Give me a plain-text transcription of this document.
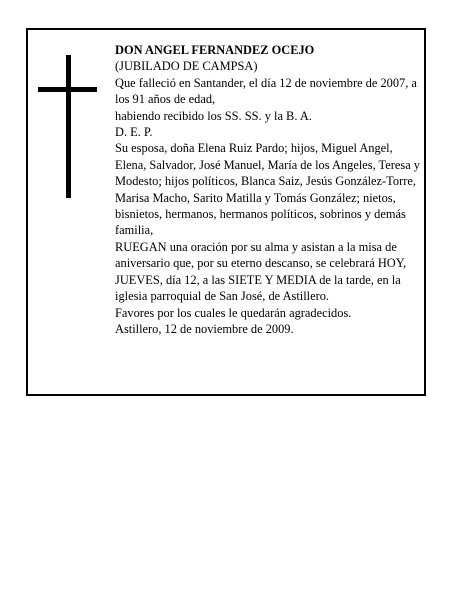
DON ANGEL FERNANDEZ OCEJO

(JUBILADO DE CAMPSA)

Que falleció en Santander, el día 12 de noviembre de 2007, a los 91 años de edad,

habiendo recibido los SS. SS. y la B. A.

D. E. P.

Su esposa, doña Elena Ruiz Pardo; hijos, Miguel Angel, Elena, Salvador, José Manuel, María de los Angeles, Teresa y Modesto; hijos políticos, Blanca Saiz, Jesús González-Torre, Marisa Macho, Sarito Matilla y Tomás González; nietos, bisnietos, hermanos, hermanos políticos, sobrinos y demás familia,

RUEGAN una oración por su alma y asistan a la misa de aniversario que, por su eterno descanso, se celebrará HOY, JUEVES, día 12, a las SIETE Y MEDIA de la tarde, en la iglesia parroquial de San José, de Astillero.

Favores por los cuales le quedarán agradecidos.

Astillero, 12 de noviembre de 2009.
